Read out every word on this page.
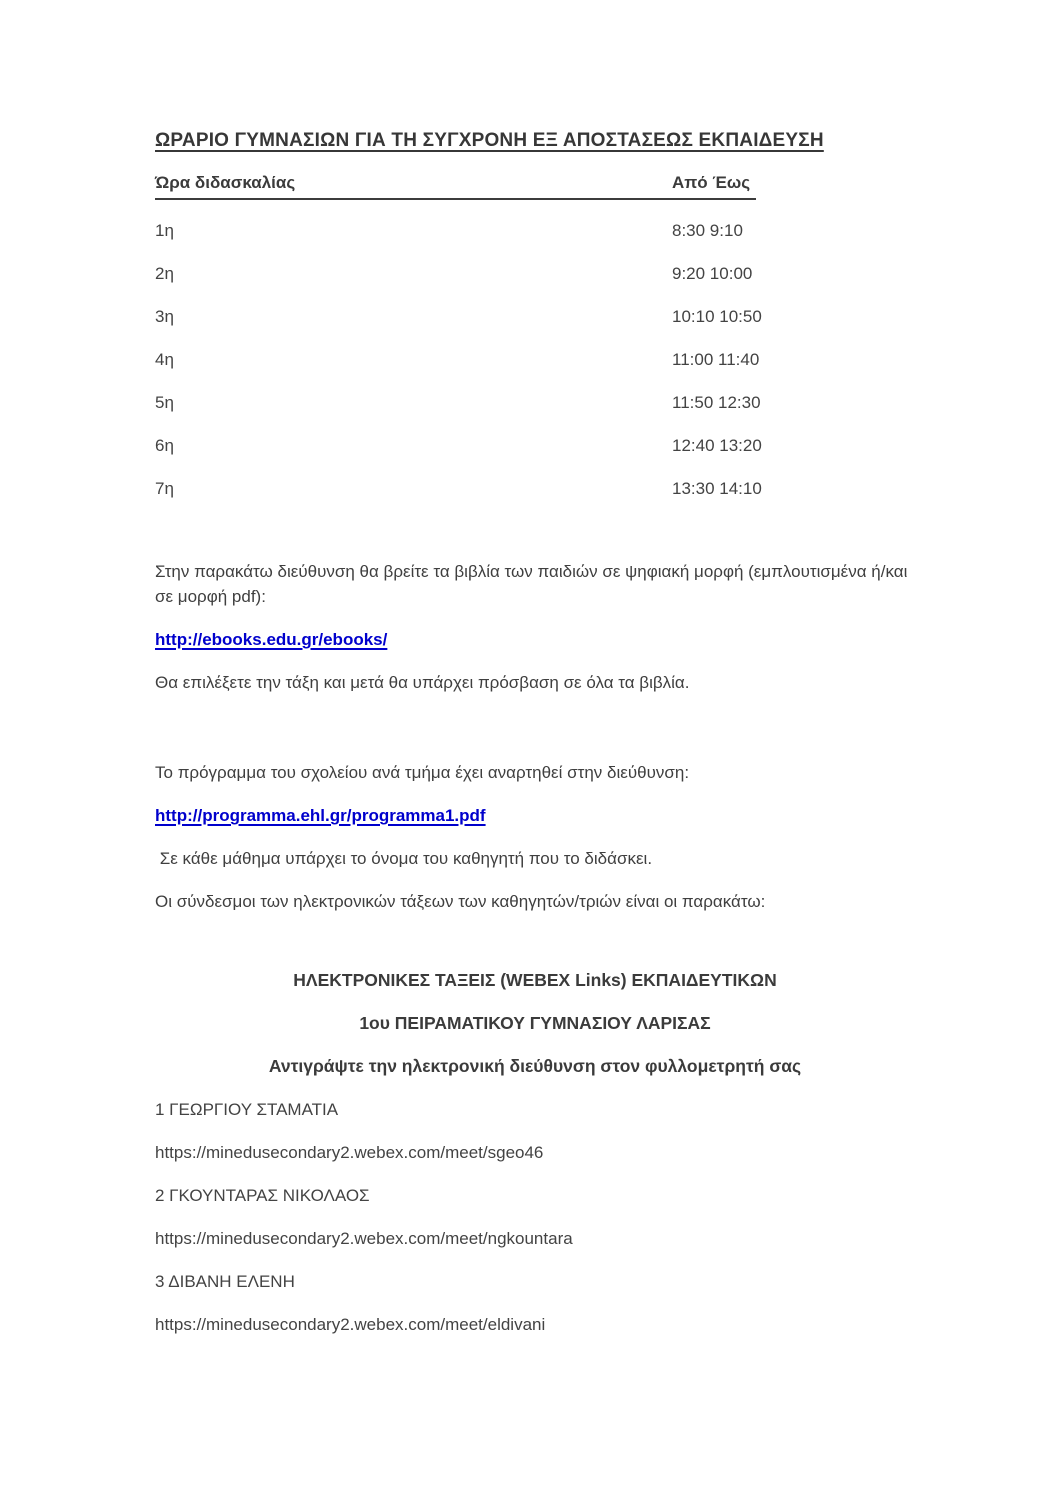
ΩΡΑΡΙΟ ΓΥΜΝΑΣΙΩΝ ΓΙΑ ΤΗ ΣΥΓΧΡΟΝΗ ΕΞ ΑΠΟΣΤΑΣΕΩΣ ΕΚΠΑΙΔΕΥΣΗ
Ώρα διδασκαλίας	Από Έως
1η	8:30 9:10
2η	9:20 10:00
3η	10:10 10:50
4η	11:00 11:40
5η	11:50 12:30
6η	12:40 13:20
7η	13:30 14:10

Στην παρακάτω διεύθυνση θα βρείτε τα βιβλία των παιδιών σε ψηφιακή μορφή (εμπλουτισμένα ή/και σε μορφή pdf):

http://ebooks.edu.gr/ebooks/

Θα επιλέξετε την τάξη και μετά θα υπάρχει πρόσβαση σε όλα τα βιβλία.

Το πρόγραμμα του σχολείου ανά τμήμα έχει αναρτηθεί στην διεύθυνση:

http://programma.ehl.gr/programma1.pdf

Σε κάθε μάθημα υπάρχει το όνομα του καθηγητή που το διδάσκει.

Οι σύνδεσμοι των ηλεκτρονικών τάξεων των καθηγητών/τριών είναι οι παρακάτω:

ΗΛΕΚΤΡΟΝΙΚΕΣ ΤΑΞΕΙΣ (WEBEX Links) ΕΚΠΑΙΔΕΥΤΙΚΩΝ
1ου ΠΕΙΡΑΜΑΤΙΚΟΥ ΓΥΜΝΑΣΙΟΥ ΛΑΡΙΣΑΣ
Αντιγράψτε την ηλεκτρονική διεύθυνση στον φυλλομετρητή σας

1 ΓΕΩΡΓΙΟΥ ΣΤΑΜΑΤΙΑ

https://minedusecondary2.webex.com/meet/sgeo46

2 ΓΚΟΥΝΤΑΡΑΣ ΝΙΚΟΛΑΟΣ

https://minedusecondary2.webex.com/meet/ngkountara

3 ΔΙΒΑΝΗ ΕΛΕΝΗ

https://minedusecondary2.webex.com/meet/eldivani
